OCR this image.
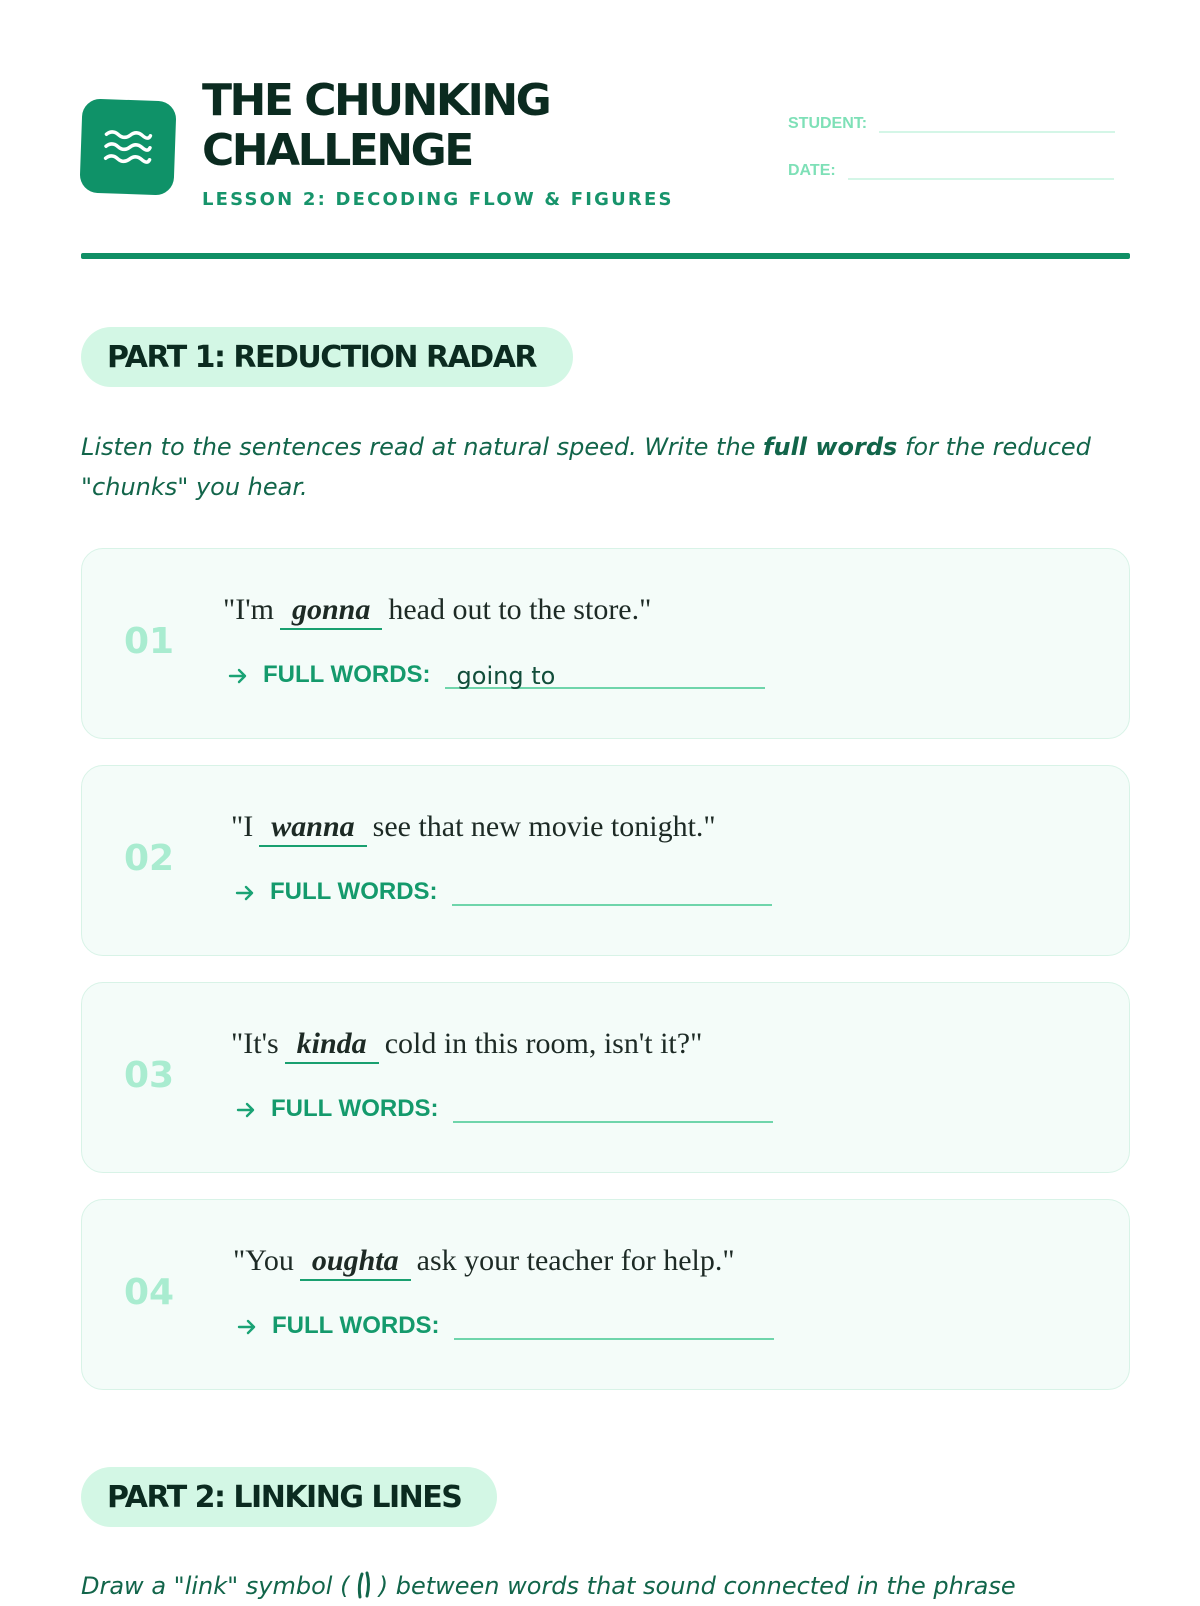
THE CHUNKING CHALLENGE
LESSON 2: DECODING FLOW & FIGURES
STUDENT:
DATE:
PART 1: REDUCTION RADAR

Listen to the sentences read at natural speed. Write the full words for the reduced "chunks" you hear.

01
"I'm gonna head out to the store."
FULL WORDS:	going to
02
"I wanna see that new movie tonight."
FULL WORDS:
03
"It's kinda cold in this room, isn't it?"
FULL WORDS:
04
"You oughta ask your teacher for help."
FULL WORDS:
PART 2: LINKING LINES

Draw a "link" symbol (  ) between words that sound connected in the phrase
